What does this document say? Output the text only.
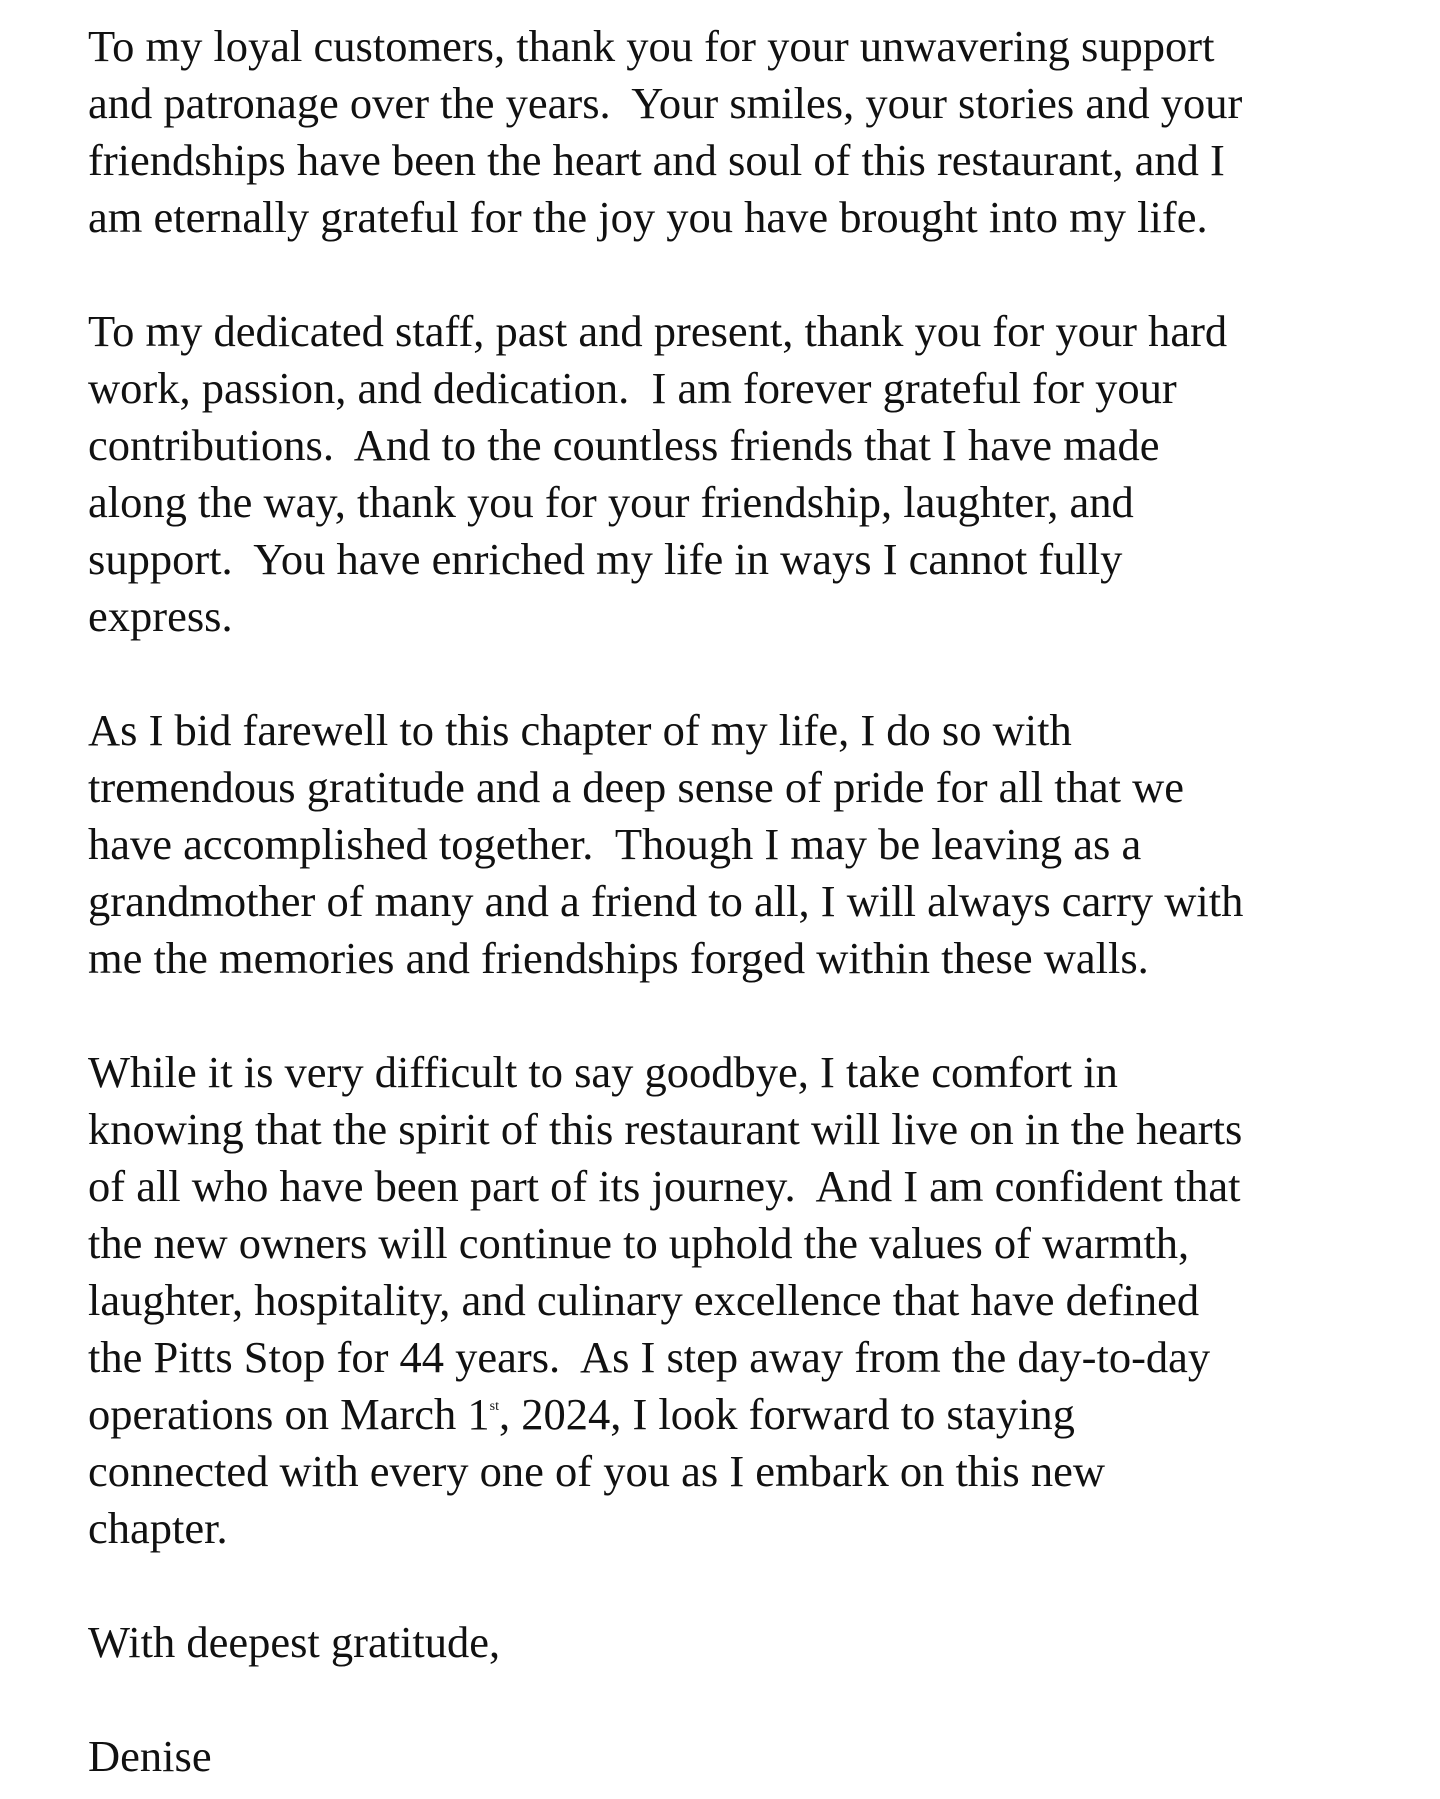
To my loyal customers, thank you for your unwavering support
and patronage over the years.  Your smiles, your stories and your
friendships have been the heart and soul of this restaurant, and I
am eternally grateful for the joy you have brought into my life.
To my dedicated staff, past and present, thank you for your hard
work, passion, and dedication.  I am forever grateful for your
contributions.  And to the countless friends that I have made
along the way, thank you for your friendship, laughter, and
support.  You have enriched my life in ways I cannot fully
express.
As I bid farewell to this chapter of my life, I do so with
tremendous gratitude and a deep sense of pride for all that we
have accomplished together.  Though I may be leaving as a
grandmother of many and a friend to all, I will always carry with
me the memories and friendships forged within these walls.
While it is very difficult to say goodbye, I take comfort in
knowing that the spirit of this restaurant will live on in the hearts
of all who have been part of its journey.  And I am confident that
the new owners will continue to uphold the values of warmth,
laughter, hospitality, and culinary excellence that have defined
the Pitts Stop for 44 years.  As I step away from the day-to-day
operations on March 1st, 2024, I look forward to staying
connected with every one of you as I embark on this new
chapter.
With deepest gratitude,
Denise
